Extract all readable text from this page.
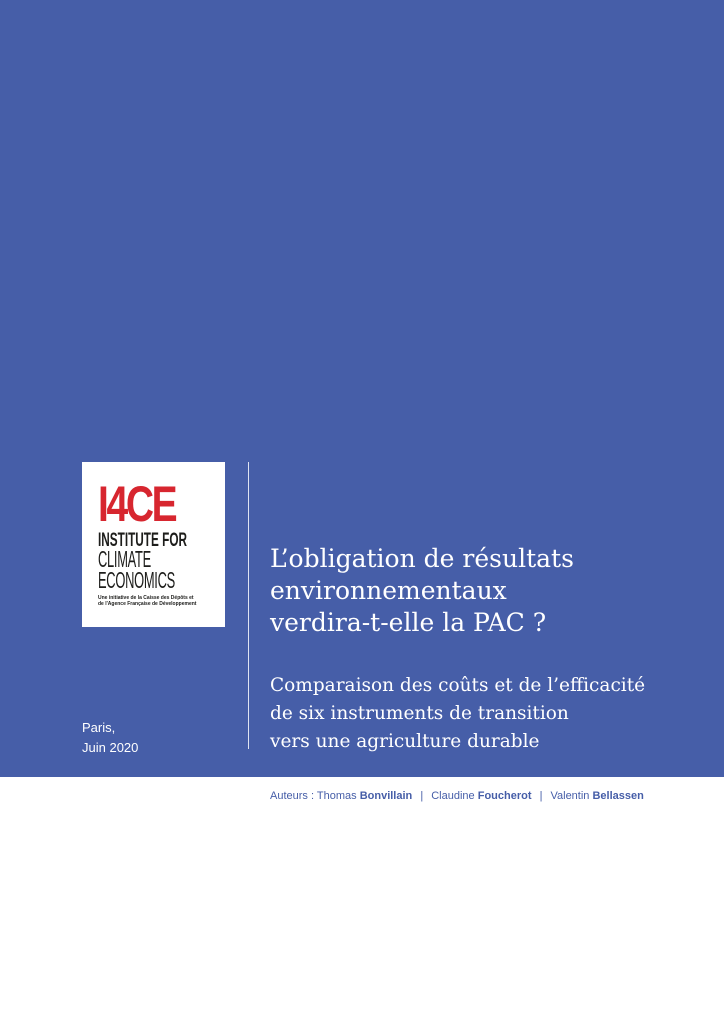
I4CE
INSTITUTE FOR
CLIMATE
ECONOMICS
Une initiative de la Caisse des Dépôts et
de l'Agence Française de Développement
Paris,
Juin 2020
L’obligation de résultats
environnementaux
verdira-t-elle la PAC ?
Comparaison des coûts et de l’efficacité
de six instruments de transition
vers une agriculture durable
Auteurs : Thomas Bonvillain | Claudine Foucherot | Valentin Bellassen
